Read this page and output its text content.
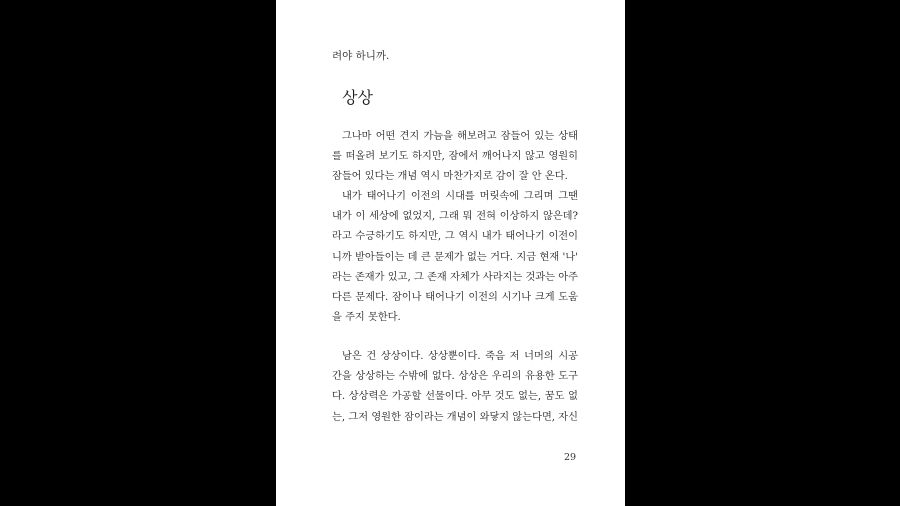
려야 하니까.
상상
그나마 어떤 견지 가늠을 해보려고 잠들어 있는 상태
를 떠올려 보기도 하지만, 잠에서 깨어나지 않고 영원히
잠들어 있다는 개념 역시 마찬가지로 감이 잘 안 온다.
내가 태어나기 이전의 시대를 머릿속에 그리며 그땐
내가 이 세상에 없었지, 그래 뭐 전혀 이상하지 않은데?
라고 수긍하기도 하지만, 그 역시 내가 태어나기 이전이
니까 받아들이는 데 큰 문제가 없는 거다. 지금 현재 '나'
라는 존재가 있고, 그 존재 자체가 사라지는 것과는 아주
다른 문제다. 잠이나 태어나기 이전의 시기나 크게 도움
을 주지 못한다.
남은 건 상상이다. 상상뿐이다. 죽음 저 너머의 시공
간을 상상하는 수밖에 없다. 상상은 우리의 유용한 도구
다. 상상력은 가공할 선물이다. 아무 것도 없는, 꿈도 없
는, 그저 영원한 잠이라는 개념이 와닿지 않는다면, 자신
29
